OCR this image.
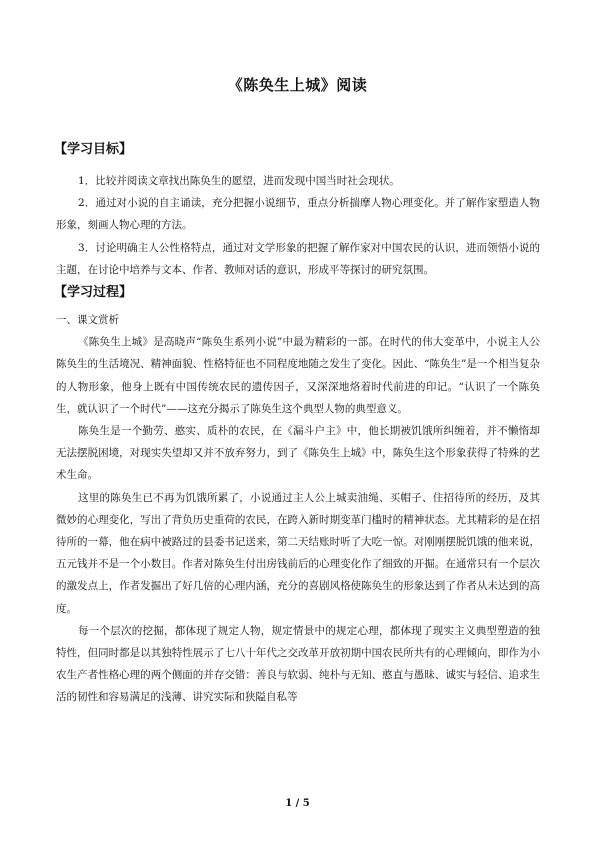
《陈奂生上城》阅读
【学习目标】

1．比较并阅读文章找出陈奂生的愿望，进而发现中国当时社会现状。

2．通过对小说的自主诵读，充分把握小说细节，重点分析揣摩人物心理变化。并了解作家塑造人物形象，刻画人物心理的方法。

3．讨论明确主人公性格特点，通过对文学形象的把握了解作家对中国农民的认识，进而领悟小说的主题，在讨论中培养与文本、作者、教师对话的意识，形成平等探讨的研究氛围。

【学习过程】

一、课文赏析

《陈奂生上城》是高晓声“陈奂生系列小说”中最为精彩的一部。在时代的伟大变革中，小说主人公陈奂生的生活境况、精神面貌、性格特征也不同程度地随之发生了变化。因此、“陈奂生”是一个相当复杂的人物形象，他身上既有中国传统农民的遗传因子，又深深地烙着时代前进的印记。“认识了一个陈奂生，就认识了一个时代”——这充分揭示了陈奂生这个典型人物的典型意义。

陈奂生是一个勤劳、憨实、质朴的农民，在《漏斗户主》中，他长期被饥饿所纠缠着，并不懒惰却无法摆脱困境，对现实失望却又并不放弃努力，到了《陈奂生上城》中，陈奂生这个形象获得了特殊的艺术生命。

这里的陈奂生已不再为饥饿所累了，小说通过主人公上城卖油绳、买帽子、住招待所的经历，及其微妙的心理变化，写出了背负历史重荷的农民，在跨入新时期变革门槛时的精神状态。尤其精彩的是在招待所的一幕，他在病中被路过的县委书记送来，第二天结账时听了大吃一惊。对刚刚摆脱饥饿的他来说，五元钱并不是一个小数目。作者对陈奂生付出房钱前后的心理变化作了细致的开掘。在通常只有一个层次的激发点上，作者发掘出了好几倍的心理内涵，充分的喜剧风格使陈奂生的形象达到了作者从未达到的高度。

每一个层次的挖掘，都体现了规定人物，规定情景中的规定心理，都体现了现实主义典型塑造的独特性，但同时都是以其独特性展示了七八十年代之交改革开放初期中国农民所共有的心理倾向，即作为小农生产者性格心理的两个侧面的并存交错：善良与软弱、纯朴与无知、憨直与愚昧、诚实与轻信、追求生活的韧性和容易满足的浅薄、讲究实际和狭隘自私等

1 / 5
